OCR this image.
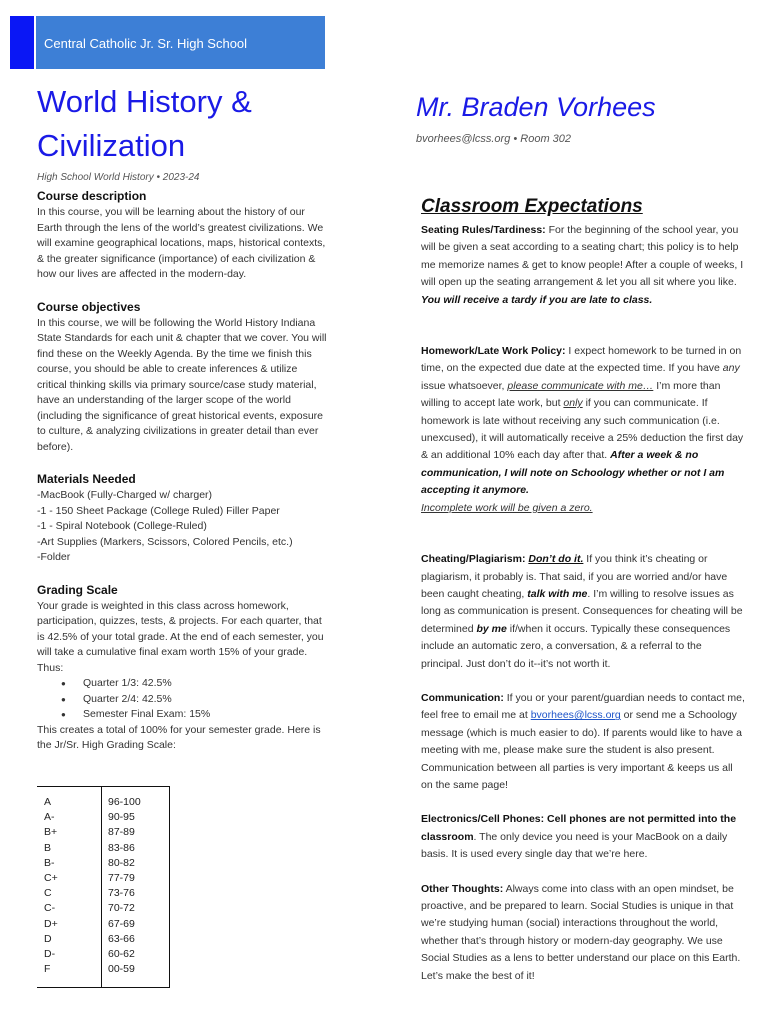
Central Catholic Jr. Sr. High School
World History &
Civilization
Mr. Braden Vorhees
bvorhees@lcss.org • Room 302
High School World History • 2023-24
Course description

In this course, you will be learning about the history of our Earth through the lens of the world’s greatest civilizations. We will examine geographical locations, maps, historical contexts, & the greater significance (importance) of each civilization & how our lives are affected in the modern-day.

Course objectives

In this course, we will be following the World History Indiana State Standards for each unit & chapter that we cover. You will find these on the Weekly Agenda. By the time we finish this course, you should be able to create inferences & utilize critical thinking skills via primary source/case study material, have an understanding of the larger scope of the world (including the significance of great historical events, exposure to culture, & analyzing civilizations in greater detail than ever before).

Materials Needed
-MacBook (Fully-Charged w/ charger)
-1 - 150 Sheet Package (College Ruled) Filler Paper
-1 - Spiral Notebook (College-Ruled)
-Art Supplies (Markers, Scissors, Colored Pencils, etc.)
-Folder
Grading Scale

Your grade is weighted in this class across homework, participation, quizzes, tests, & projects. For each quarter, that is 42.5% of your total grade. At the end of each semester, you will take a cumulative final exam worth 15% of your grade. Thus:

● Quarter 1/3: 42.5%
● Quarter 2/4: 42.5%
● Semester Final Exam: 15%

This creates a total of 100% for your semester grade. Here is the Jr/Sr. High Grading Scale:

A	96-100
A-	90-95
B+	87-89
B	83-86
B-	80-82
C+	77-79
C	73-76
C-	70-72
D+	67-69
D	63-66
D-	60-62
F	00-59
Classroom Expectations

Seating Rules/Tardiness: For the beginning of the school year, you will be given a seat according to a seating chart; this policy is to help me memorize names & get to know people! After a couple of weeks, I will open up the seating arrangement & let you all sit where you like. You will receive a tardy if you are late to class.

Homework/Late Work Policy: I expect homework to be turned in on time, on the expected due date at the expected time. If you have any issue whatsoever, please communicate with me… I’m more than willing to accept late work, but only if you can communicate. If homework is late without receiving any such communication (i.e. unexcused), it will automatically receive a 25% deduction the first day & an additional 10% each day after that. After a week & no communication, I will note on Schoology whether or not I am accepting it anymore.
Incomplete work will be given a zero.

Cheating/Plagiarism: Don’t do it. If you think it’s cheating or plagiarism, it probably is. That said, if you are worried and/or have been caught cheating, talk with me. I’m willing to resolve issues as long as communication is present. Consequences for cheating will be determined by me if/when it occurs. Typically these consequences include an automatic zero, a conversation, & a referral to the principal. Just don’t do it--it’s not worth it.

Communication: If you or your parent/guardian needs to contact me, feel free to email me at bvorhees@lcss.org or send me a Schoology message (which is much easier to do). If parents would like to have a meeting with me, please make sure the student is also present. Communication between all parties is very important & keeps us all on the same page!

Electronics/Cell Phones: Cell phones are not permitted into the classroom. The only device you need is your MacBook on a daily basis. It is used every single day that we’re here.

Other Thoughts: Always come into class with an open mindset, be proactive, and be prepared to learn. Social Studies is unique in that we’re studying human (social) interactions throughout the world, whether that’s through history or modern-day geography. We use Social Studies as a lens to better understand our place on this Earth. Let’s make the best of it!
